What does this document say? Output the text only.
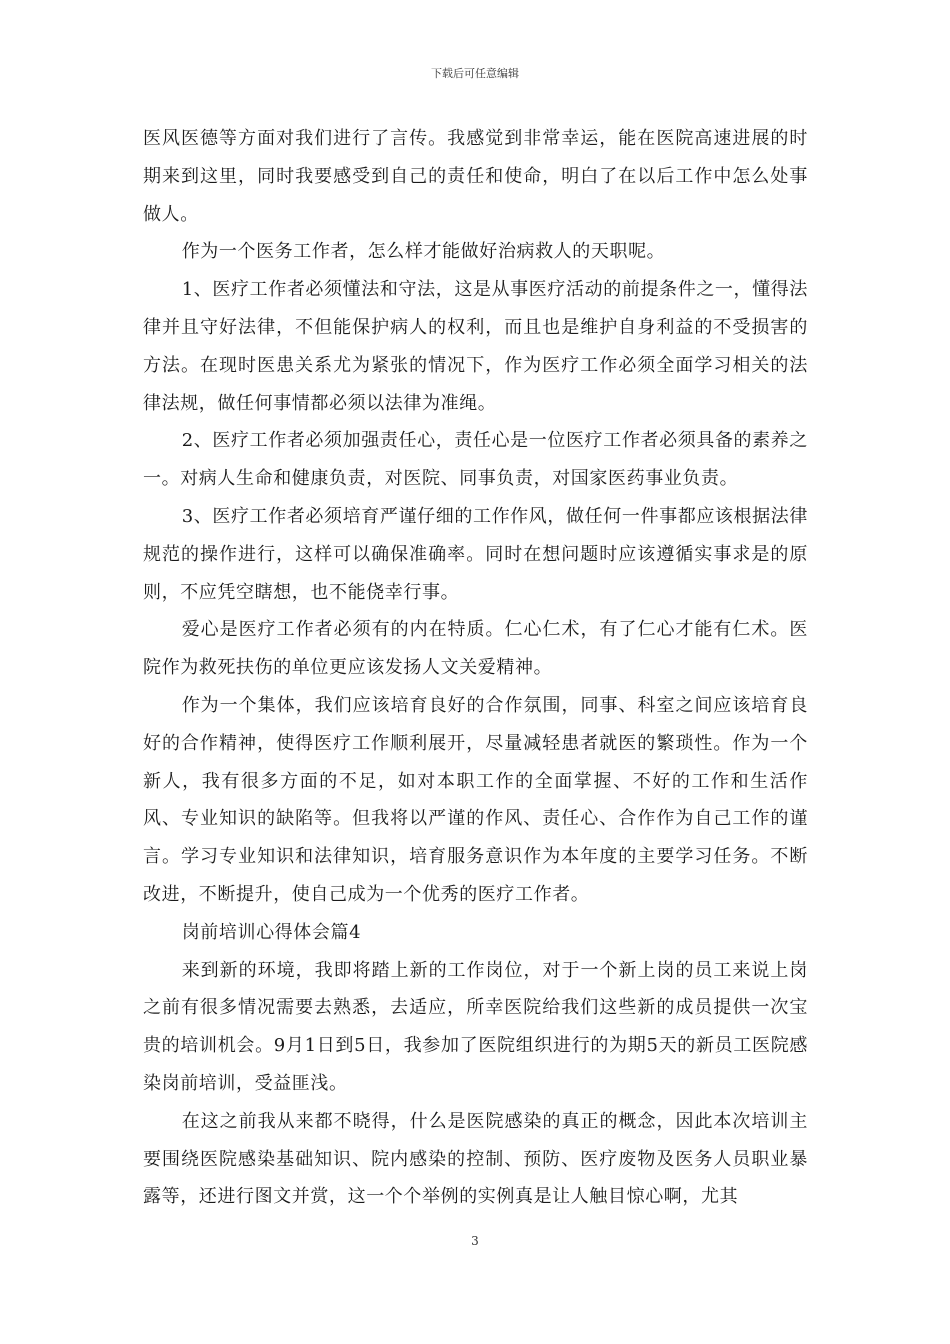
下载后可任意编辑

医风医德等方面对我们进行了言传。我感觉到非常幸运，能在医院高速进展的时期来到这里，同时我要感受到自己的责任和使命，明白了在以后工作中怎么处事做人。

作为一个医务工作者，怎么样才能做好治病救人的天职呢。

1、医疗工作者必须懂法和守法，这是从事医疗活动的前提条件之一，懂得法律并且守好法律，不但能保护病人的权利，而且也是维护自身利益的不受损害的方法。在现时医患关系尤为紧张的情况下，作为医疗工作必须全面学习相关的法律法规，做任何事情都必须以法律为准绳。

2、医疗工作者必须加强责任心，责任心是一位医疗工作者必须具备的素养之一。对病人生命和健康负责，对医院、同事负责，对国家医药事业负责。

3、医疗工作者必须培育严谨仔细的工作作风，做任何一件事都应该根据法律规范的操作进行，这样可以确保准确率。同时在想问题时应该遵循实事求是的原则，不应凭空瞎想，也不能侥幸行事。

爱心是医疗工作者必须有的内在特质。仁心仁术，有了仁心才能有仁术。医院作为救死扶伤的单位更应该发扬人文关爱精神。

作为一个集体，我们应该培育良好的合作氛围，同事、科室之间应该培育良好的合作精神，使得医疗工作顺利展开，尽量减轻患者就医的繁琐性。作为一个新人，我有很多方面的不足，如对本职工作的全面掌握、不好的工作和生活作风、专业知识的缺陷等。但我将以严谨的作风、责任心、合作作为自己工作的谨言。学习专业知识和法律知识，培育服务意识作为本年度的主要学习任务。不断改进，不断提升，使自己成为一个优秀的医疗工作者。

岗前培训心得体会篇4

来到新的环境，我即将踏上新的工作岗位，对于一个新上岗的员工来说上岗之前有很多情况需要去熟悉，去适应，所幸医院给我们这些新的成员提供一次宝贵的培训机会。9月1日到5日，我参加了医院组织进行的为期5天的新员工医院感染岗前培训，受益匪浅。

在这之前我从来都不晓得，什么是医院感染的真正的概念，因此本次培训主要围绕医院感染基础知识、院内感染的控制、预防、医疗废物及医务人员职业暴露等，还进行图文并赏，这一个个举例的实例真是让人触目惊心啊，尤其

3
